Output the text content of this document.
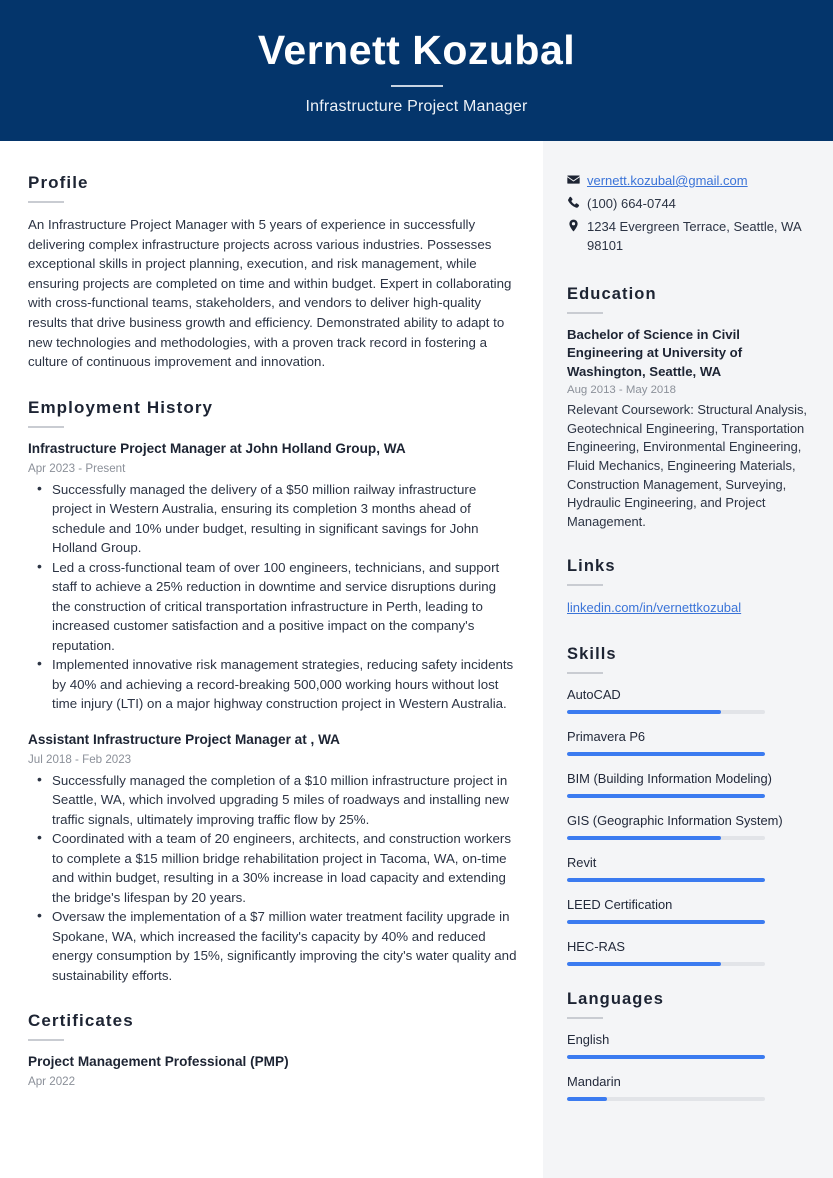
Vernett Kozubal
Infrastructure Project Manager
Profile
An Infrastructure Project Manager with 5 years of experience in successfully delivering complex infrastructure projects across various industries. Possesses exceptional skills in project planning, execution, and risk management, while ensuring projects are completed on time and within budget. Expert in collaborating with cross-functional teams, stakeholders, and vendors to deliver high-quality results that drive business growth and efficiency. Demonstrated ability to adapt to new technologies and methodologies, with a proven track record in fostering a culture of continuous improvement and innovation.
Employment History
Infrastructure Project Manager at John Holland Group, WA
Apr 2023 - Present
• Successfully managed the delivery of a $50 million railway infrastructure project in Western Australia, ensuring its completion 3 months ahead of schedule and 10% under budget, resulting in significant savings for John Holland Group.
• Led a cross-functional team of over 100 engineers, technicians, and support staff to achieve a 25% reduction in downtime and service disruptions during the construction of critical transportation infrastructure in Perth, leading to increased customer satisfaction and a positive impact on the company's reputation.
• Implemented innovative risk management strategies, reducing safety incidents by 40% and achieving a record-breaking 500,000 working hours without lost time injury (LTI) on a major highway construction project in Western Australia.
Assistant Infrastructure Project Manager at , WA
Jul 2018 - Feb 2023
• Successfully managed the completion of a $10 million infrastructure project in Seattle, WA, which involved upgrading 5 miles of roadways and installing new traffic signals, ultimately improving traffic flow by 25%.
• Coordinated with a team of 20 engineers, architects, and construction workers to complete a $15 million bridge rehabilitation project in Tacoma, WA, on-time and within budget, resulting in a 30% increase in load capacity and extending the bridge's lifespan by 20 years.
• Oversaw the implementation of a $7 million water treatment facility upgrade in Spokane, WA, which increased the facility's capacity by 40% and reduced energy consumption by 15%, significantly improving the city's water quality and sustainability efforts.
Certificates
Project Management Professional (PMP)
Apr 2022
vernett.kozubal@gmail.com
(100) 664-0744
1234 Evergreen Terrace, Seattle, WA 98101
Education
Bachelor of Science in Civil Engineering at University of Washington, Seattle, WA
Aug 2013 - May 2018
Relevant Coursework: Structural Analysis, Geotechnical Engineering, Transportation Engineering, Environmental Engineering, Fluid Mechanics, Engineering Materials, Construction Management, Surveying, Hydraulic Engineering, and Project Management.
Links
linkedin.com/in/vernettkozubal
Skills
AutoCAD
Primavera P6
BIM (Building Information Modeling)
GIS (Geographic Information System)
Revit
LEED Certification
HEC-RAS
Languages
English
Mandarin
